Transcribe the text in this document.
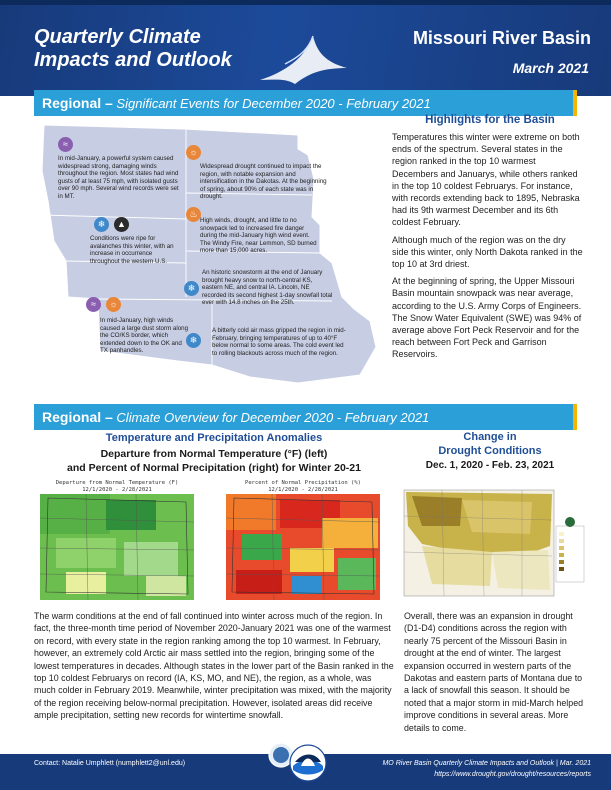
Quarterly Climate Impacts and Outlook
Missouri River Basin
March 2021
Regional – Significant Events for December 2020 - February 2021
≈
In mid-January, a powerful system caused widespread strong, damaging winds throughout the region. Most states had wind gusts of at least 75 mph, with isolated gusts over 90 mph. Several wind records were set in MT.
☼
Widespread drought continued to impact the region, with notable expansion and intensification in the Dakotas. At the beginning of spring, about 90% of each state was in drought.
♨
High winds, drought, and little to no snowpack led to increased fire danger during the mid-January high wind event. The Windy Fire, near Lemmon, SD burned more than 15,000 acres.
❄	▲
Conditions were ripe for avalanches this winter, with an increase in occurrence throughout the western U.S.
❄
An historic snowstorm at the end of January brought heavy snow to north-central KS, eastern NE, and central IA. Lincoln, NE recorded its second highest 1-day snowfall total ever with 14.8 inches on the 25th.
≈	☼
In mid-January, high winds caused a large dust storm along the CO/KS border, which extended down to the OK and TX panhandles.
❄
A bitterly cold air mass gripped the region in mid-February, bringing temperatures of up to 40°F below normal to some areas. The cold event led to rolling blackouts across much of the region.
Highlights for the Basin

Temperatures this winter were extreme on both ends of the spectrum. Several states in the region ranked in the top 10 warmest Decembers and Januarys, while others ranked in the top 10 coldest Februarys. For instance, with records extending back to 1895, Nebraska had its 9th warmest December and its 6th coldest February.

Although much of the region was on the dry side this winter, only North Dakota ranked in the top 10 at 3rd driest.

At the beginning of spring, the Upper Missouri Basin mountain snowpack was near average, according to the U.S. Army Corps of Engineers. The Snow Water Equivalent (SWE) was 94% of average above Fort Peck Reservoir and for the reach between Fort Peck and Garrison Reservoirs.

Regional – Climate Overview for December 2020 - February 2021
Temperature and Precipitation Anomalies
Departure from Normal Temperature (°F) (left)
and Percent of Normal Precipitation (right) for Winter 20-21
Change in
Drought Conditions
Dec. 1, 2020 - Feb. 23, 2021
Departure from Normal Temperature (F)
12/1/2020 - 2/28/2021
Percent of Normal Precipitation (%)
12/1/2020 - 2/28/2021
The warm conditions at the end of fall continued into winter across much of the region. In fact, the three-month time period of November 2020-January 2021 was one of the warmest on record, with every state in the region ranking among the top 10 warmest. In February, however, an extremely cold Arctic air mass settled into the region, bringing some of the lowest temperatures in decades. Although states in the lower part of the Basin ranked in the top 10 coldest Februarys on record (IA, KS, MO, and NE), the region, as a whole, was much colder in February 2019. Meanwhile, winter precipitation was mixed, with the majority of the region receiving below-normal precipitation. However, isolated areas did receive ample precipitation, setting new records for wintertime snowfall.
Overall, there was an expansion in drought (D1-D4) conditions across the region with nearly 75 percent of the Missouri Basin in drought at the end of winter. The largest expansion occurred in western parts of the Dakotas and eastern parts of Montana due to a lack of snowfall this season. It should be noted that a major storm in mid-March helped improve conditions in several areas. More details to come.
Contact: Natalie Umphlett (numphlett2@unl.edu)	MO River Basin Quarterly Climate Impacts and Outlook | Mar. 2021
https://www.drought.gov/drought/resources/reports
